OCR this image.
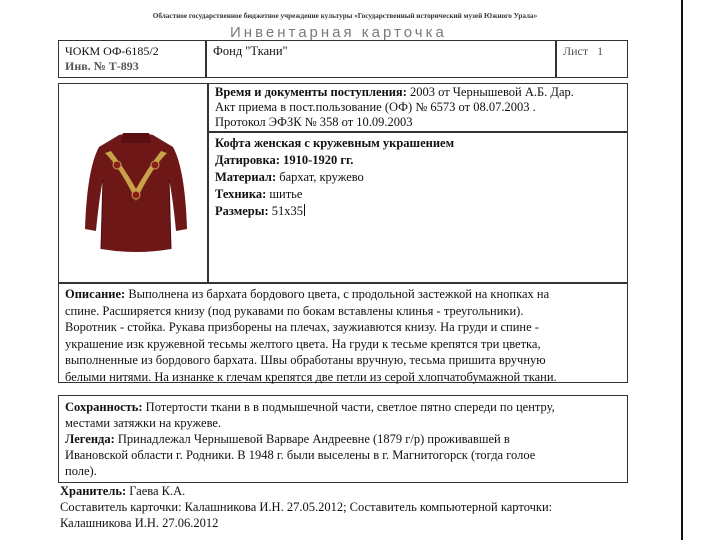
Областное государственное бюджетное учреждение культуры «Государственный исторический музей Южного Урала»
Инвентарная карточка
ЧОКМ ОФ-6185/2
Инв. № Т-893
Фонд "Ткани"	Лист 1
Время и документы поступления: 2003 от Чернышевой А.Б. Дар.
Акт приема в пост.пользование (ОФ) № 6573 от 08.07.2003 .
Протокол ЭФЗК № 358 от 10.09.2003
Кофта женская с кружевным украшением
Датировка: 1910-1920 гг.
Материал: бархат, кружево
Техника: шитье
Размеры: 51х35
Описание: Выполнена из бархата бордового цвета, с продольной застежкой на кнопках на
спине. Расширяется книзу (под рукавами по бокам вставлены клинья - треугольники).
Воротник - стойка. Рукава призборены на плечах, заужиавются книзу. На груди и спине -
украшение изк кружевной тесьмы желтого цвета. На груди к тесьме крепятся три цветка,
выполненные из бордового бархата. Швы обработаны вручную, тесьма пришита вручную
белыми нитями. На изнанке к глечам крепятся две петли из серой хлопчатобумажной ткани.
Сохранность: Потертости ткани в в подмышечной части, светлое пятно спереди по центру,
местами затяжки на кружеве.
Легенда: Принадлежал Чернышевой Варваре Андреевне (1879 г/р) проживавшей в
Ивановской области г. Родники. В 1948 г. были выселены в г. Магнитогорск (тогда голое
поле).
Хранитель: Гаева К.А.
Составитель карточки: Калашникова И.Н. 27.05.2012; Составитель компьютерной карточки:
Калашникова И.Н. 27.06.2012
